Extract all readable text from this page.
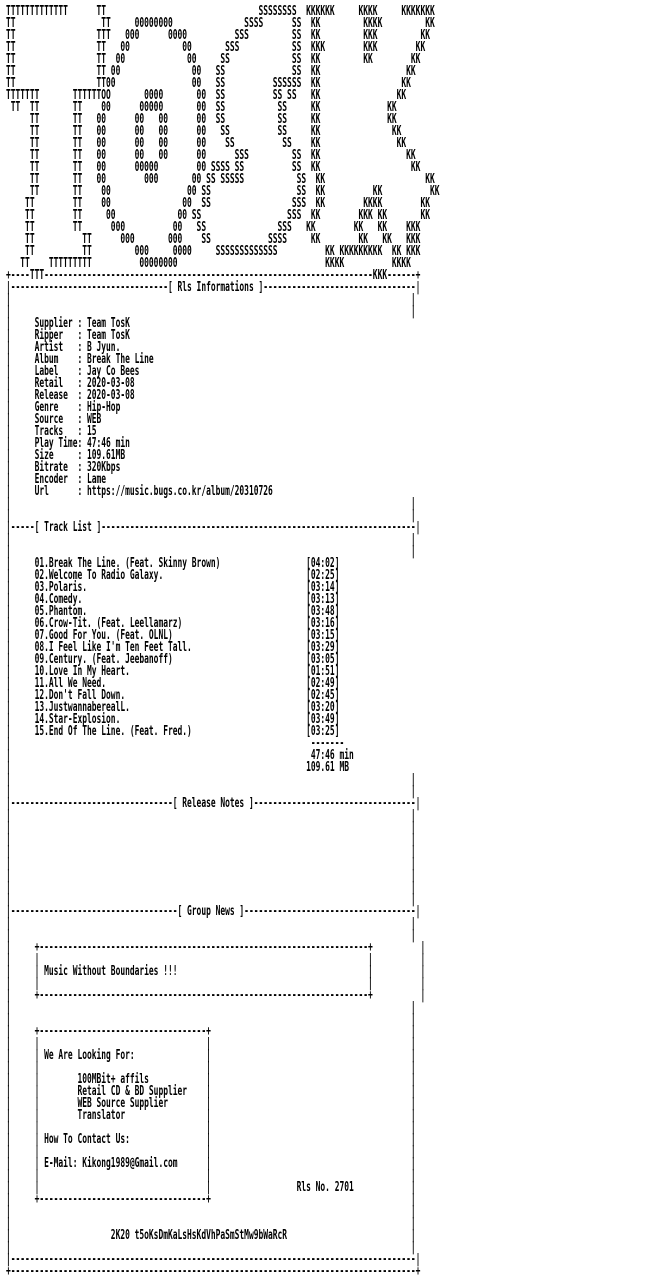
TTTTTTTTTTTTT      TT                                SSSSSSSS  KKKKKK     KKKK     KKKKKKK
TT                  TT     00000000               SSSS      SS  KK         KKKK         KK
TT                 TTT   000      0000          SSS         SS  KK         KKK         KK
TT                 TT   00           00       SSS           SS  KKK        KKK        KK
TT                 TT  00             00     SS             SS  KK         KK        KK
TT                 TT 00               00   SS              SS  KK                  KK
TT                 TT00                00   SS          SSSSSS  KK                 KK
TTTTTTT       TTTTTTOO       0000       00  SS          SS SS   KK                KK
TT  TT       TT    00      00000       00  SS           SS     KK              KK
TT       TT   00      00   00      00  SS           SS     KK              KK
TT       TT   00      00   00      00   SS          SS     KK               KK
TT       TT   00      00   00      00    SS          SS    KK                KK
TT       TT   00      00   00      00      SSS         SS  KK                  KK
TT       TT   00      00000        00 SSSS SS          SS  KK                   KK
TT       TT   00        000       00 SS SSSSS           SS  KK                     KK
TT       TT    00                00 SS                  SS  KK          KK          KK
TT        TT    00               00  SS                 SSS  KK        KKKK        KK
TT        TT     00             00 SS                  SSS  KK        KKK KK       KK
TT        TT      000          00   SS               SSS   KK        KK   KK    KKK
TT          TT      000       000    SS            SSSS     KK        KK   KK   KKK
TT          TT         000     0000     SSSSSSSSSSSSS          KK KKKKKKKKK  KK KKK
TT    TTTTTTTTT          00000000                               KKKK          KKKK
+----TTT---------------------------------------------------------------------KKK------+
|---------------------------------[ Rls Informations ]--------------------------------|
|                                                                                    |
|                                                                                    |
|     Supplier : Team TosK
|     Ripper   : Team TosK
|     Artist   : B Jyun.
|     Album    : Break The Line
|     Label    : Jay Co Bees
|     Retail   : 2020-03-08
|     Release  : 2020-03-08
|     Genre    : Hip-Hop
|     Source   : WEB
|     Tracks   : 15
|     Play Time: 47:46 min
|     Size     : 109.61MB
|     Bitrate  : 320Kbps
|     Encoder  : Lame
|     Url      : https://music.bugs.co.kr/album/20310726
|                                                                                    |
|                                                                                    |
|-----[ Track List ]------------------------------------------------------------------|
|                                                                                    |
|                                                                                    |
|     01.Break The Line. (Feat. Skinny Brown)                  [04:02]
|     02.Welcome To Radio Galaxy.                              [02:25]
|     03.Polaris.                                              [03:14]
|     04.Comedy.                                               [03:13]
|     05.Phantom.                                              [03:48]
|     06.Crow-Tit. (Feat. Leellamarz)                          [03:16]
|     07.Good For You. (Feat. OLNL)                            [03:15]
|     08.I Feel Like I'm Ten Feet Tall.                        [03:29]
|     09.Century. (Feat. Jeebanoff)                            [03:05]
|     10.Love In My Heart.                                     [01:51]
|     11.All We Need.                                          [02:49]
|     12.Don't Fall Down.                                      [02:45]
|     13.JustwannaberealL.                                     [03:20]
|     14.Star-Explosion.                                       [03:49]
|     15.End Of The Line. (Feat. Fred.)                        [03:25]
|                                                               -------
|                                                               47:46 min
|                                                              109.61 MB
|                                                                                    |
|                                                                                    |
|----------------------------------[ Release Notes ]----------------------------------|
|                                                                                    |
|                                                                                    |
|                                                                                    |
|                                                                                    |
|                                                                                    |
|                                                                                    |
|                                                                                    |
|                                                                                    |
|-----------------------------------[ Group News ]------------------------------------|
|                                                                                    |
|                                                                                    |
|     +---------------------------------------------------------------------+          |
|     |                                                                     |          |
|     | Music Without Boundaries !!!                                        |          |
|     |                                                                     |          |
|     +---------------------------------------------------------------------+          |
|                                                                                    |
|                                                                                    |
|     +-----------------------------------+                                          |
|     |                                   |                                          |
|     | We Are Looking For:               |                                          |
|     |                                   |                                          |
|     |        100MBit+ affils            |                                          |
|     |        Retail CD & BD Supplier    |                                          |
|     |        WEB Source Supplier        |                                          |
|     |        Translator                 |                                          |
|     |                                   |                                          |
|     | How To Contact Us:                |                                          |
|     |                                   |                                          |
|     | E-Mail: Kikong1989@Gmail.com      |                                          |
|     |                                   |                                          |
|     |                                   |                  Rls No. 2701            |
|     +-----------------------------------+                                          |
|                                                                                    |
|                                                                                    |
|                     2K20 t5oKsDmKaLsHsKdVhPaSmStMw9bWaRcR                          |
|                                                                                    |
|-------------------------------------------------------------------------------------|
+-------------------------------------------------------------------------------------+
